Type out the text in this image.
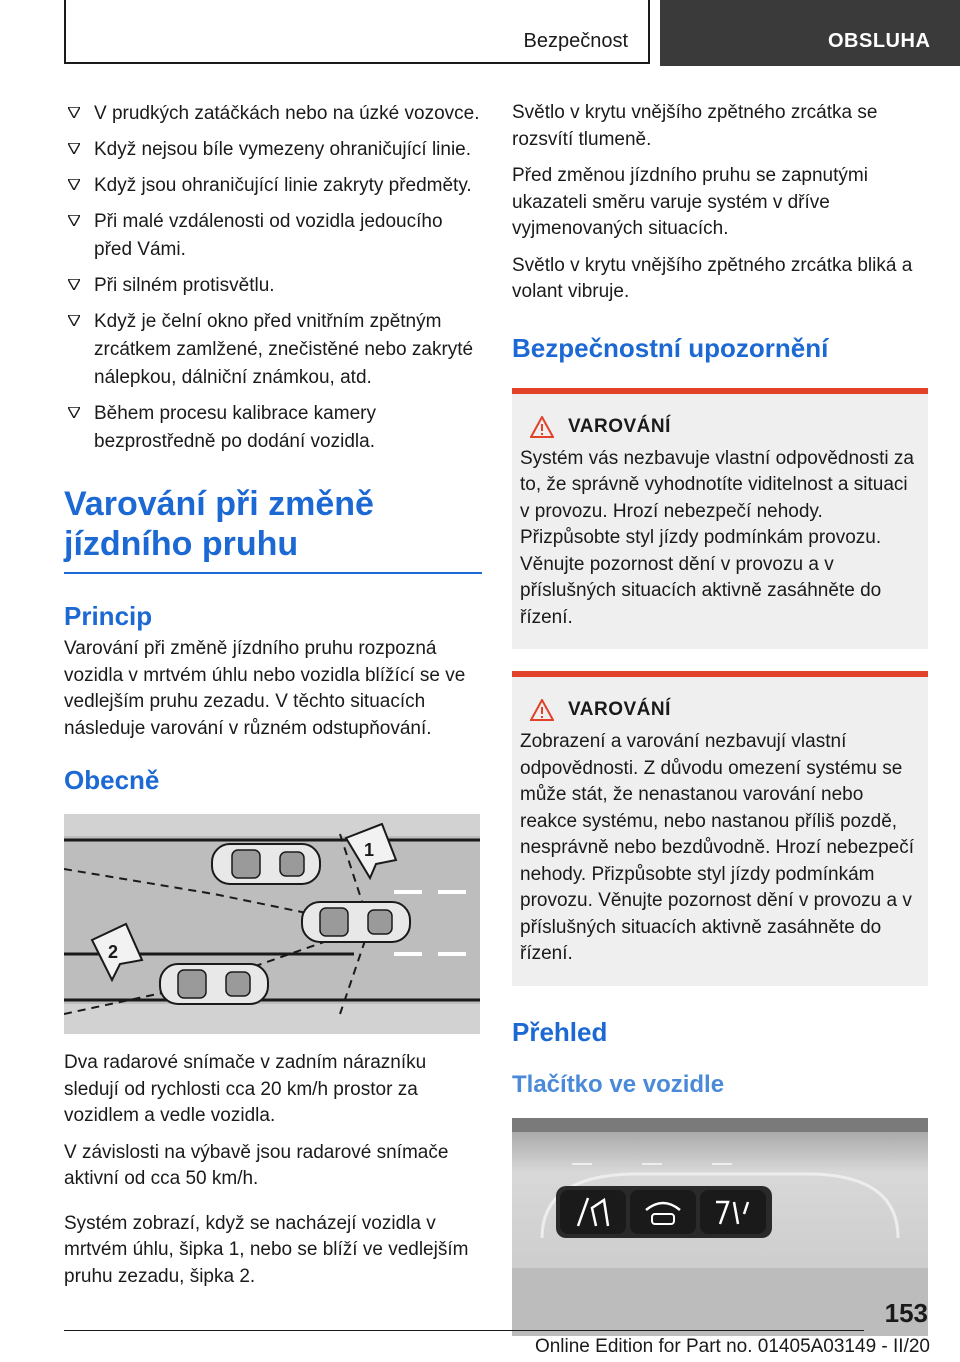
Bezpečnost	OBSLUHA
V prudkých zatáčkách nebo na úzké vozovce.
Když nejsou bíle vymezeny ohraničující linie.
Když jsou ohraničující linie zakryty předměty.
Při malé vzdálenosti od vozidla jedoucího před Vámi.
Při silném protisvětlu.
Když je čelní okno před vnitřním zpětným zrcátkem zamlžené, znečistěné nebo zakryté nálepkou, dálniční známkou, atd.
Během procesu kalibrace kamery bezprostředně po dodání vozidla.
Varování při změně jízdního pruhu
Princip

Varování při změně jízdního pruhu rozpozná vozidla v mrtvém úhlu nebo vozidla blížící se ve vedlejším pruhu zezadu. V těchto situacích následuje varování v různém odstupňování.

Obecně
1
2

Dva radarové snímače v zadním nárazníku sledují od rychlosti cca 20 km/h prostor za vozidlem a vedle vozidla.

V závislosti na výbavě jsou radarové snímače aktivní od cca 50 km/h.

Systém zobrazí, když se nacházejí vozidla v mrtvém úhlu, šipka 1, nebo se blíží ve vedlejším pruhu zezadu, šipka 2.

Světlo v krytu vnějšího zpětného zrcátka se rozsvítí tlumeně.

Před změnou jízdního pruhu se zapnutými ukazateli směru varuje systém v dříve vyjmenovaných situacích.

Světlo v krytu vnějšího zpětného zrcátka bliká a volant vibruje.

Bezpečnostní upozornění
VAROVÁNÍ

Systém vás nezbavuje vlastní odpovědnosti za to, že správně vyhodnotíte viditelnost a situaci v provozu. Hrozí nebezpečí nehody. Přizpůsobte styl jízdy podmínkám provozu. Věnujte pozornost dění v provozu a v příslušných situacích aktivně zasáhněte do řízení.

VAROVÁNÍ

Zobrazení a varování nezbavují vlastní odpovědnosti. Z důvodu omezení systému se může stát, že nenastanou varování nebo reakce systému, nebo nastanou příliš pozdě, nesprávně nebo bezdůvodně. Hrozí nebezpečí nehody. Přizpůsobte styl jízdy podmínkám provozu. Věnujte pozornost dění v provozu a v příslušných situacích aktivně zasáhněte do řízení.

Přehled
Tlačítko ve vozidle
153
Online Edition for Part no. 01405A03149 - II/20
